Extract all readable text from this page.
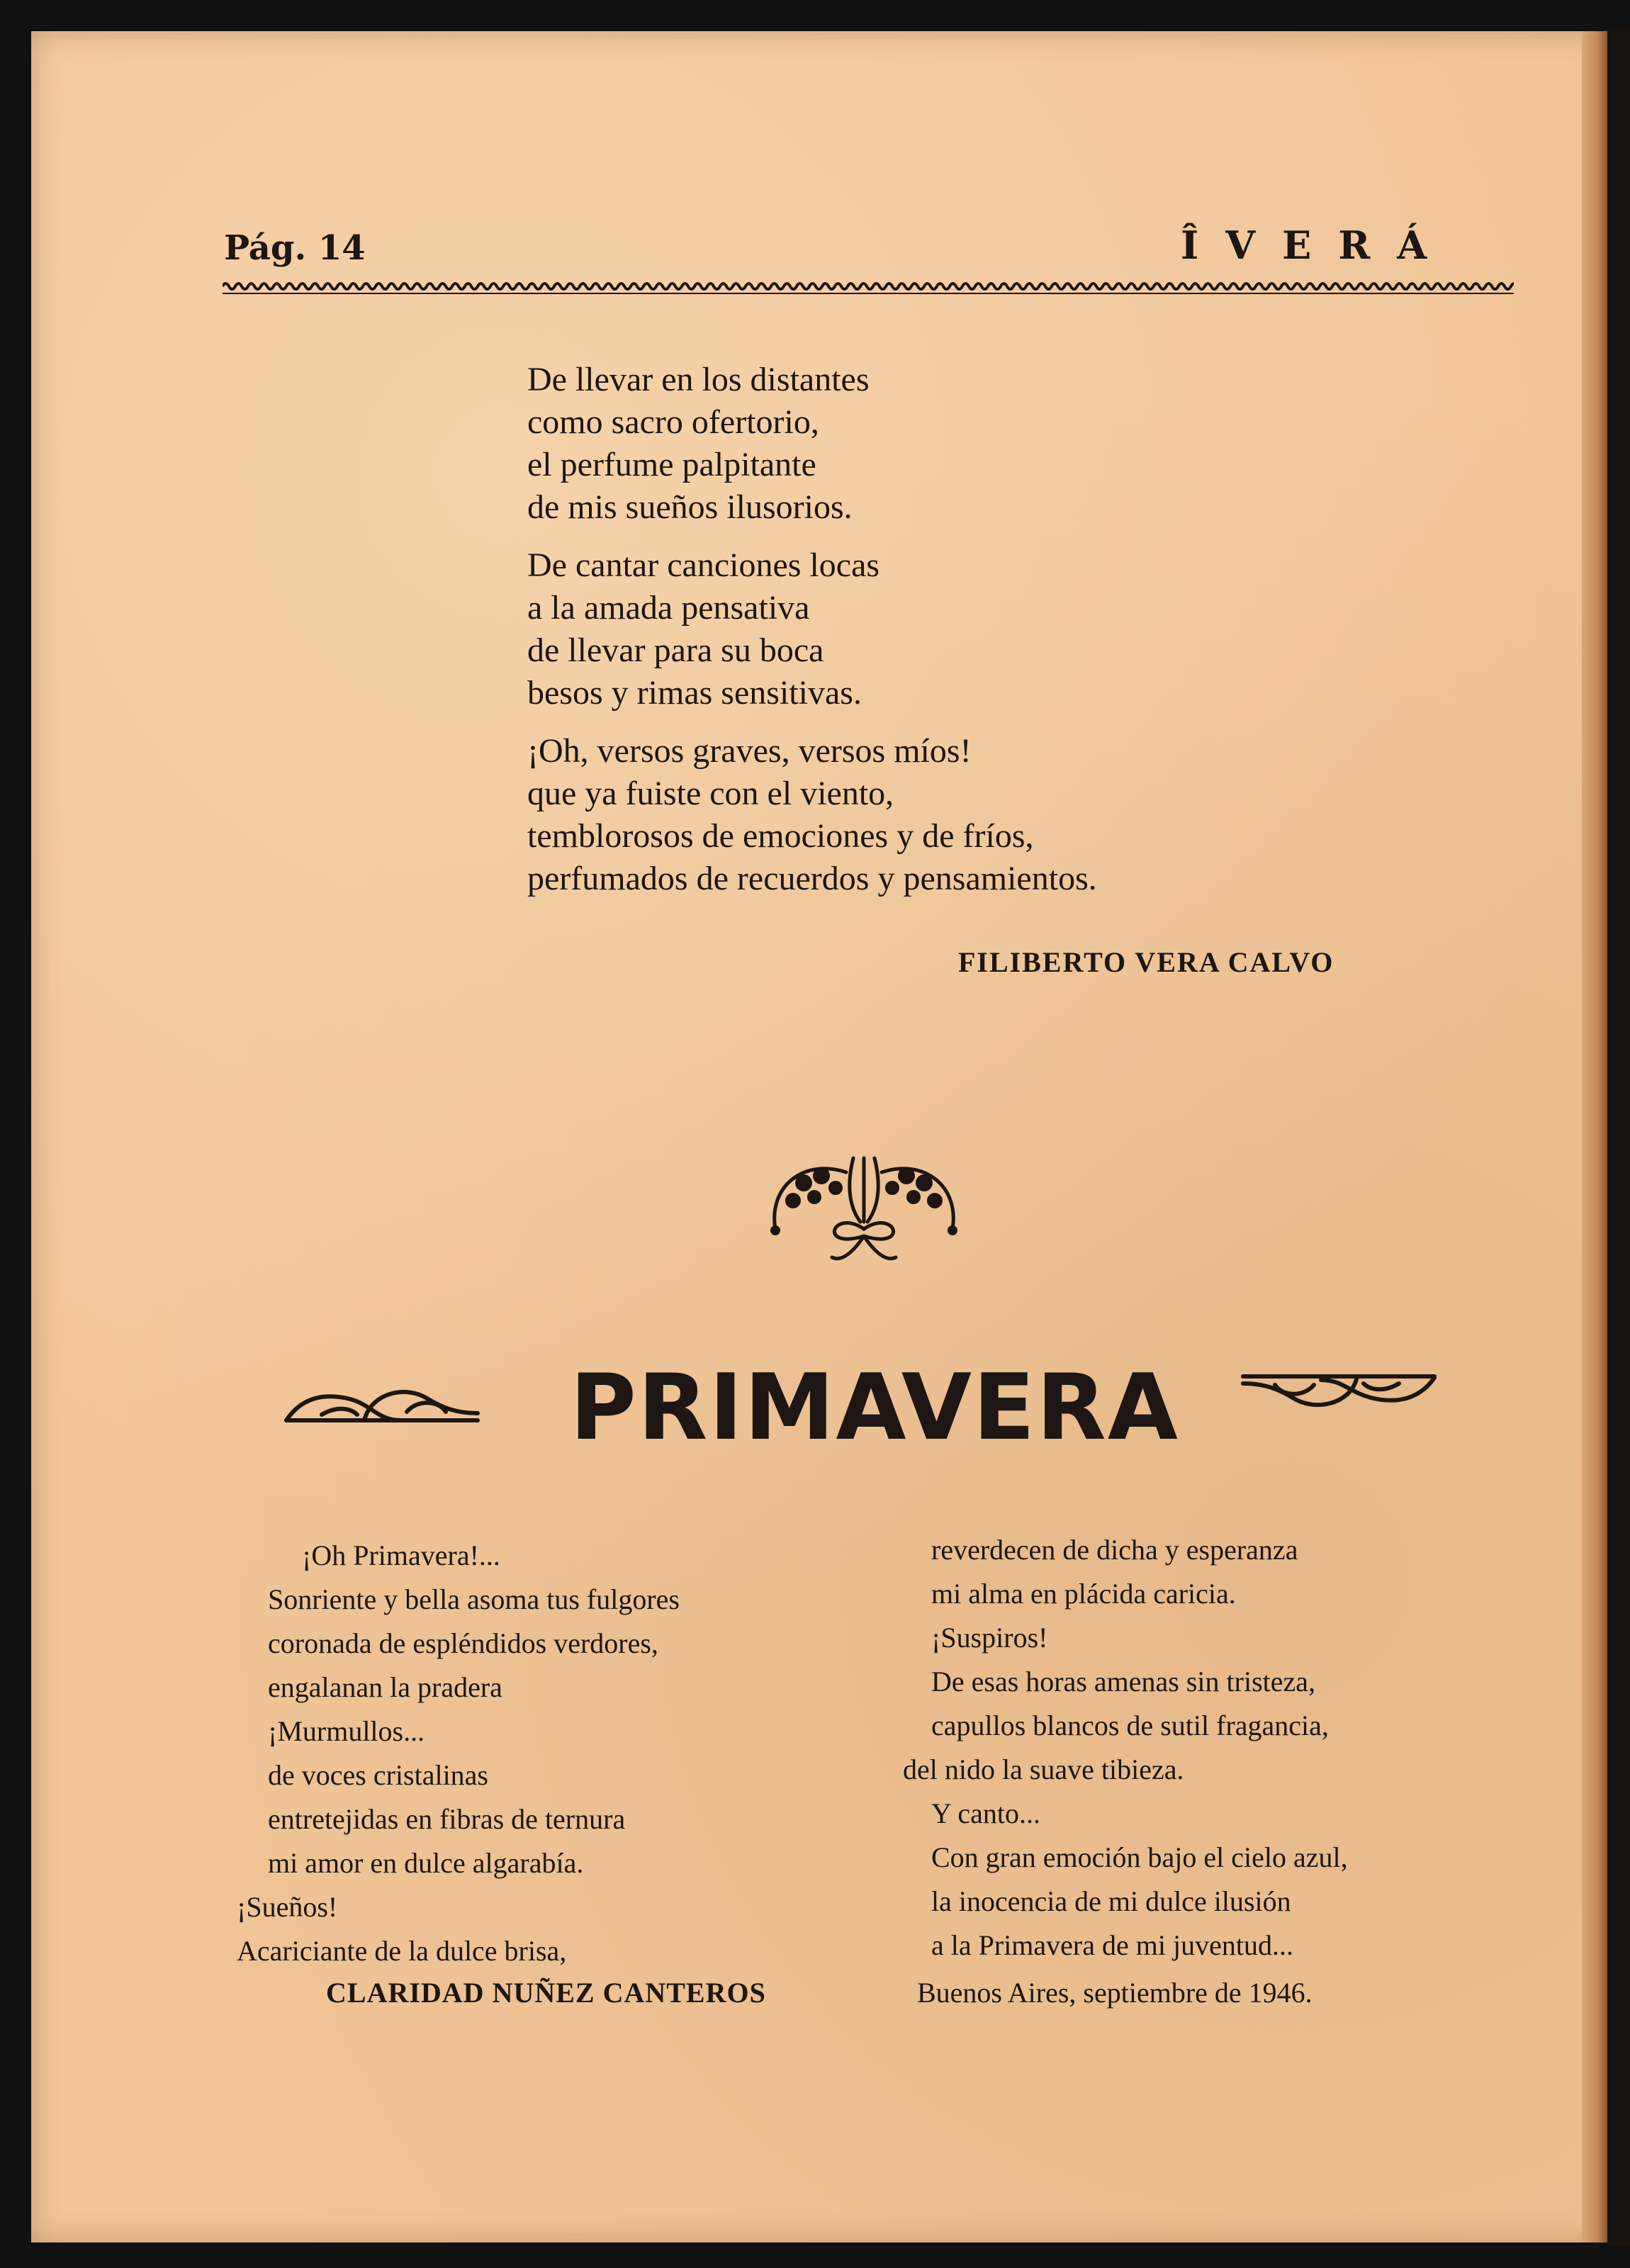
Pág. 14	ÎVERÁ
De llevar en los distantes
como sacro ofertorio,
el perfume palpitante
de mis sueños ilusorios.
De cantar canciones locas
a la amada pensativa
de llevar para su boca
besos y rimas sensitivas.
¡Oh, versos graves, versos míos!
que ya fuiste con el viento,
temblorosos de emociones y de fríos,
perfumados de recuerdos y pensamientos.
FILIBERTO VERA CALVO
PRIMAVERA
¡Oh Primavera!...
Sonriente y bella asoma tus fulgores
coronada de espléndidos verdores,
engalanan la pradera
¡Murmullos...
de voces cristalinas
entretejidas en fibras de ternura
mi amor en dulce algarabía.
¡Sueños!
Acariciante de la dulce brisa,
reverdecen de dicha y esperanza
mi alma en plácida caricia.
¡Suspiros!
De esas horas amenas sin tristeza,
capullos blancos de sutil fragancia,
del nido la suave tibieza.
Y canto...
Con gran emoción bajo el cielo azul,
la inocencia de mi dulce ilusión
a la Primavera de mi juventud...
CLARIDAD NUÑEZ CANTEROS	Buenos Aires, septiembre de 1946.
